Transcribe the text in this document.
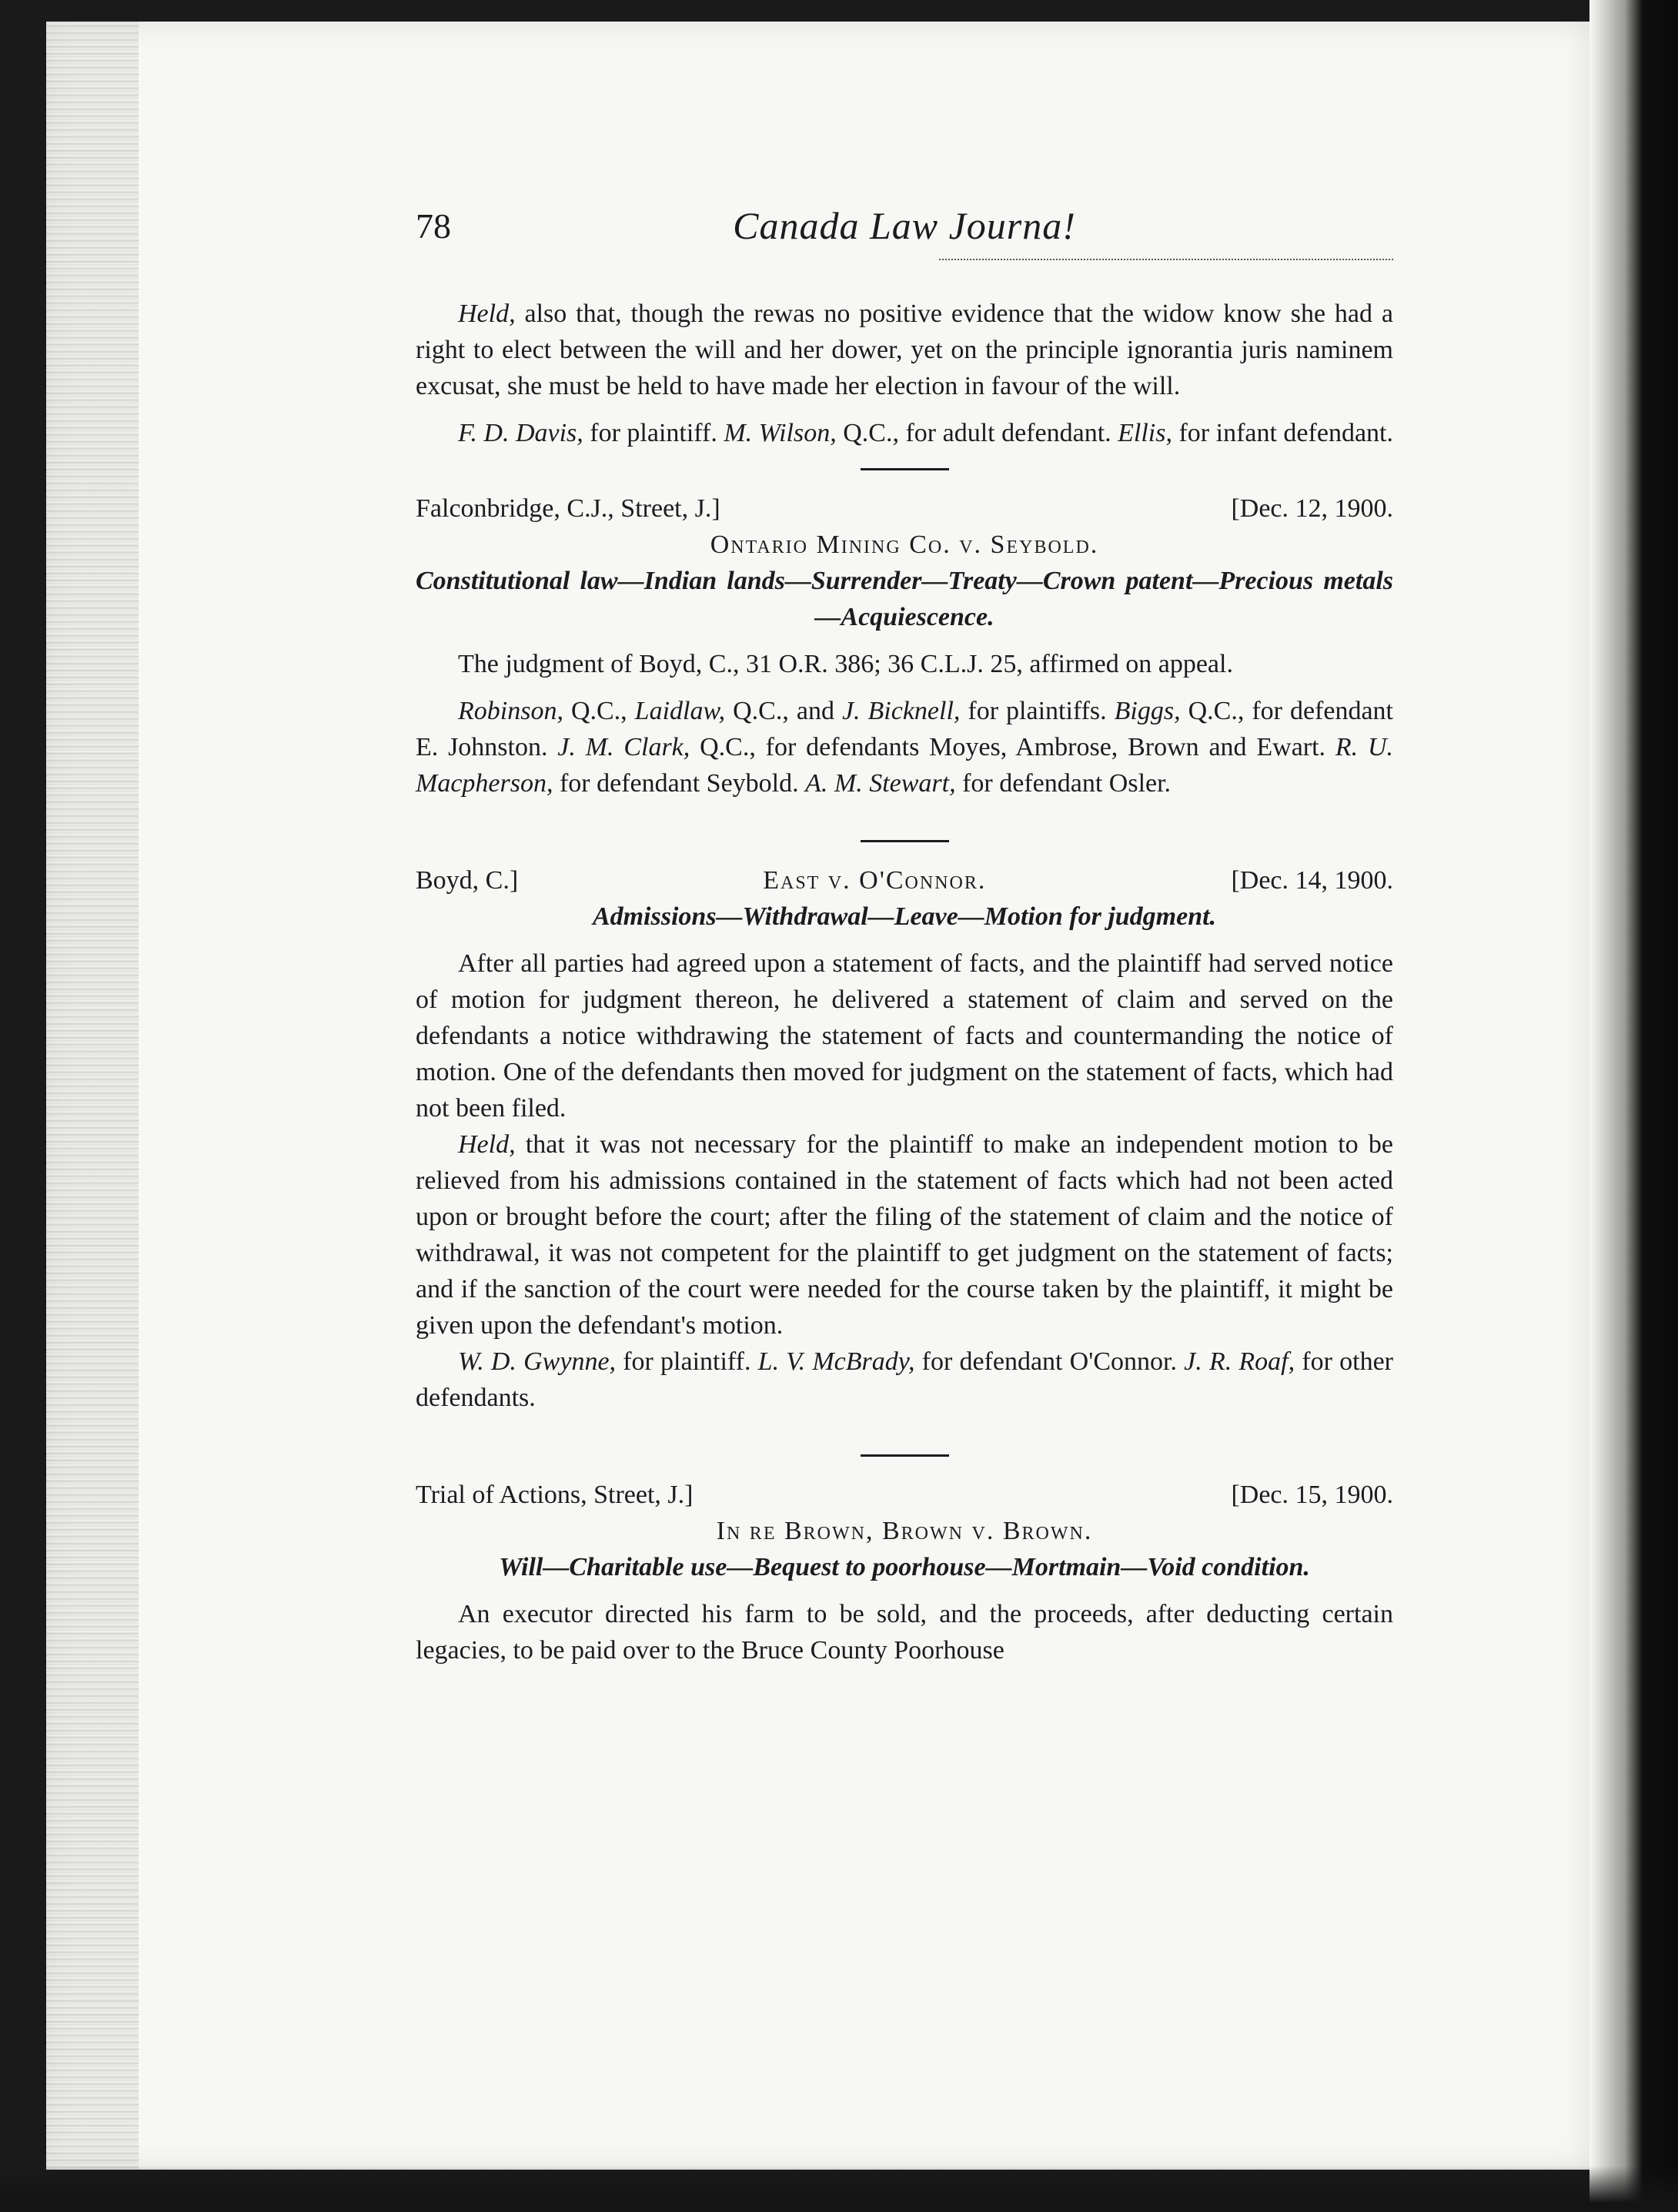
78	Canada Law Journa!

Held, also that, though the rewas no positive evidence that the widow know she had a right to elect between the will and her dower, yet on the principle ignorantia juris naminem excusat, she must be held to have made her election in favour of the will.

F. D. Davis, for plaintiff. M. Wilson, Q.C., for adult defendant. Ellis, for infant defendant.

Falconbridge, C.J., Street, J.]	[Dec. 12, 1900.

Ontario Mining Co. v. Seybold.

Constitutional law—Indian lands—Surrender—Treaty—Crown patent—Precious metals—Acquiescence.

The judgment of Boyd, C., 31 O.R. 386; 36 C.L.J. 25, affirmed on appeal.

Robinson, Q.C., Laidlaw, Q.C., and J. Bicknell, for plaintiffs. Biggs, Q.C., for defendant E. Johnston. J. M. Clark, Q.C., for defendants Moyes, Ambrose, Brown and Ewart. R. U. Macpherson, for defendant Seybold. A. M. Stewart, for defendant Osler.

Boyd, C.]	East v. O'Connor.	[Dec. 14, 1900.

Admissions—Withdrawal—Leave—Motion for judgment.

After all parties had agreed upon a statement of facts, and the plaintiff had served notice of motion for judgment thereon, he delivered a statement of claim and served on the defendants a notice withdrawing the statement of facts and countermanding the notice of motion. One of the defendants then moved for judgment on the statement of facts, which had not been filed.

Held, that it was not necessary for the plaintiff to make an independent motion to be relieved from his admissions contained in the statement of facts which had not been acted upon or brought before the court; after the filing of the statement of claim and the notice of withdrawal, it was not competent for the plaintiff to get judgment on the statement of facts; and if the sanction of the court were needed for the course taken by the plaintiff, it might be given upon the defendant's motion.

W. D. Gwynne, for plaintiff. L. V. McBrady, for defendant O'Connor. J. R. Roaf, for other defendants.

Trial of Actions, Street, J.]	[Dec. 15, 1900.

In re Brown, Brown v. Brown.

Will—Charitable use—Bequest to poorhouse—Mortmain—Void condition.

An executor directed his farm to be sold, and the proceeds, after deducting certain legacies, to be paid over to the Bruce County Poorhouse
